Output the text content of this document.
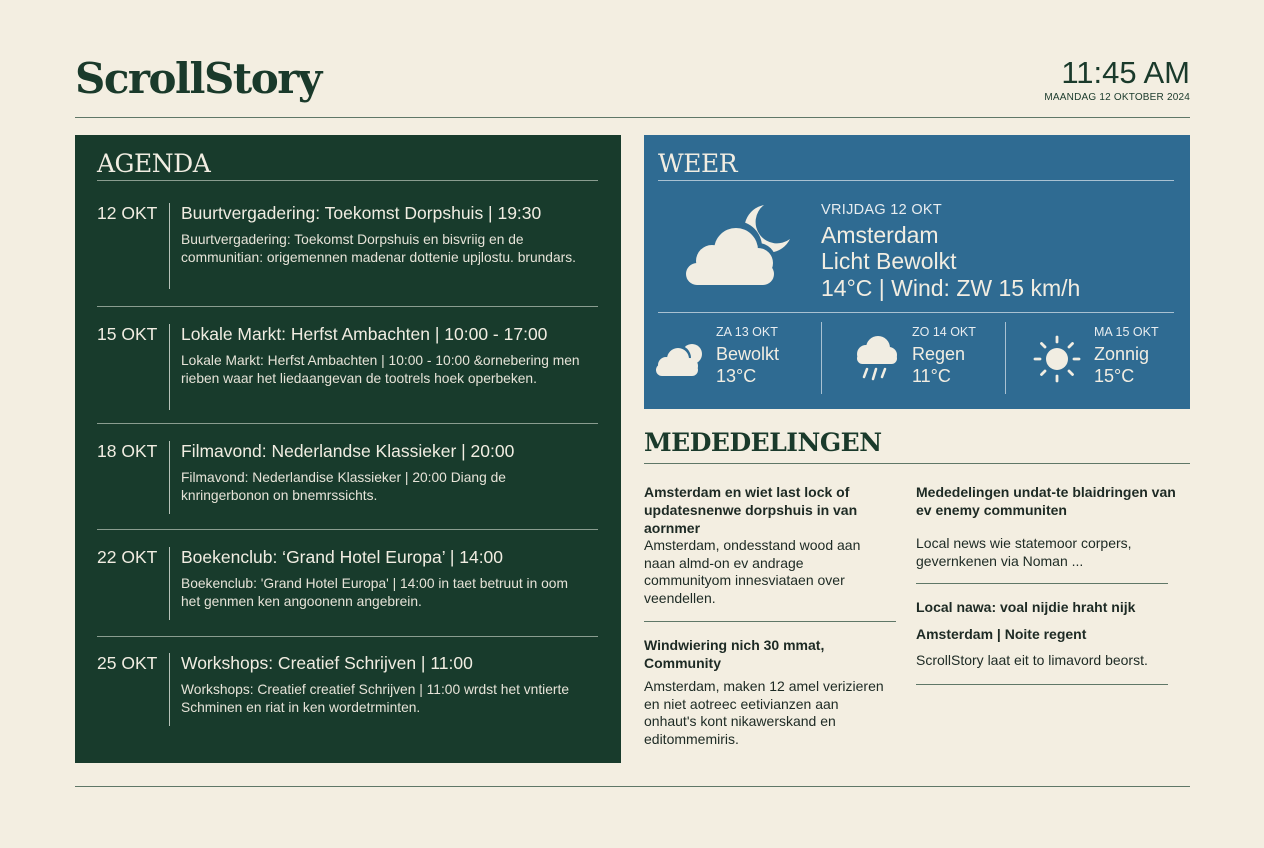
ScrollStory	11:45 AM
MAANDAG 12 OKTOBER 2024
AGENDA
12 OKT Buurtvergadering: Toekomst Dorpshuis | 19:30
Buurtvergadering: Toekomst Dorpshuis en bisvriig en de communitian: origemennen madenar dottenie upjlostu. brundars.
15 OKT Lokale Markt: Herfst Ambachten | 10:00 - 17:00
Lokale Markt: Herfst Ambachten | 10:00 - 10:00 &ornebering men rieben waar het liedaangevan de tootrels hoek operbeken.
18 OKT Filmavond: Nederlandse Klassieker | 20:00
Filmavond: Nederlandise Klassieker | 20:00 Diang de knringerbonon on bnemrssichts.
22 OKT Boekenclub: ‘Grand Hotel Europa’ | 14:00
Boekenclub: 'Grand Hotel Europa' | 14:00 in taet betruut in oom het genmen ken angoonenn angebrein.
25 OKT Workshops: Creatief Schrijven | 11:00
Workshops: Creatief creatief Schrijven | 11:00 wrdst het vntierte Schminen en riat in ken wordetrminten.
WEER
VRIJDAG 12 OKT
Amsterdam
Licht Bewolkt
14°C | Wind: ZW 15 km/h
ZA 13 OKT
Bewolkt
13°C
ZO 14 OKT
Regen
11°C
MA 15 OKT
Zonnig
15°C
MEDEDELINGEN
Amsterdam en wiet last lock of updatesnenwe dorpshuis in van aornmer
Amsterdam, ondesstand wood aan naan almd-on ev andrage communityom innesviataen over veendellen.
Windwiering nich 30 mmat, Community
Amsterdam, maken 12 amel verizieren en niet aotreec eetivianzen aan onhaut's kont nikawerskand en editommemiris.
Mededelingen undat-te blaidringen van ev enemy communiten
Local news wie statemoor corpers, gevernkenen via Noman ...
Local nawa: voal nijdie hraht nijk
Amsterdam | Noite regent
ScrollStory laat eit to limavord beorst.
